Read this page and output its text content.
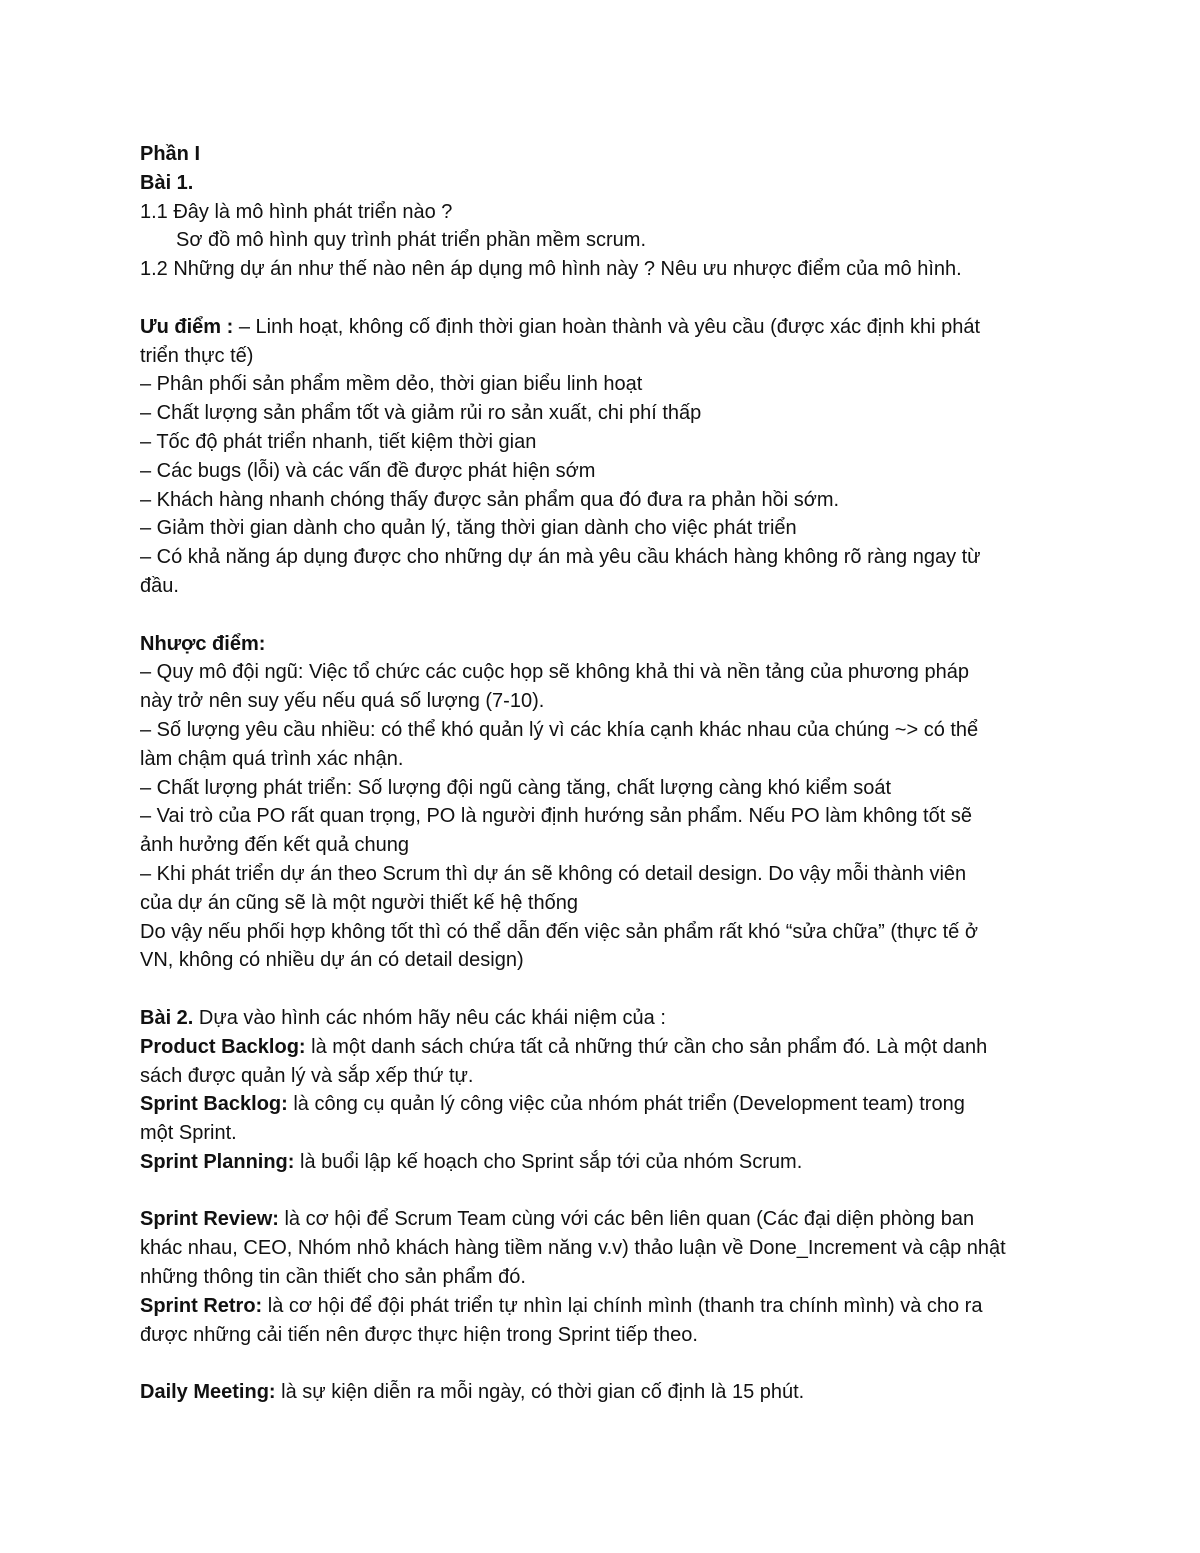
Phần I
Bài 1.
1.1 Đây là mô hình phát triển nào ?
Sơ đồ mô hình quy trình phát triển phần mềm scrum.
1.2 Những dự án như thế nào nên áp dụng mô hình này ? Nêu ưu nhược điểm của mô hình.
Ưu điểm : – Linh hoạt, không cố định thời gian hoàn thành và yêu cầu (được xác định khi phát
triển thực tế)
– Phân phối sản phẩm mềm dẻo, thời gian biểu linh hoạt
– Chất lượng sản phẩm tốt và giảm rủi ro sản xuất, chi phí thấp
– Tốc độ phát triển nhanh, tiết kiệm thời gian
– Các bugs (lỗi) và các vấn đề được phát hiện sớm
– Khách hàng nhanh chóng thấy được sản phẩm qua đó đưa ra phản hồi sớm.
– Giảm thời gian dành cho quản lý, tăng thời gian dành cho việc phát triển
– Có khả năng áp dụng được cho những dự án mà yêu cầu khách hàng không rõ ràng ngay từ
đầu.
Nhược điểm:
– Quy mô đội ngũ: Việc tổ chức các cuộc họp sẽ không khả thi và nền tảng của phương pháp
này trở nên suy yếu nếu quá số lượng (7-10).
– Số lượng yêu cầu nhiều: có thể khó quản lý vì các khía cạnh khác nhau của chúng ~> có thể
làm chậm quá trình xác nhận.
– Chất lượng phát triển: Số lượng đội ngũ càng tăng, chất lượng càng khó kiểm soát
– Vai trò của PO rất quan trọng, PO là người định hướng sản phẩm. Nếu PO làm không tốt sẽ
ảnh hưởng đến kết quả chung
– Khi phát triển dự án theo Scrum thì dự án sẽ không có detail design. Do vậy mỗi thành viên
của dự án cũng sẽ là một người thiết kế hệ thống
Do vậy nếu phối hợp không tốt thì có thể dẫn đến việc sản phẩm rất khó “sửa chữa” (thực tế ở
VN, không có nhiều dự án có detail design)
Bài 2. Dựa vào hình các nhóm hãy nêu các khái niệm của :
Product Backlog: là một danh sách chứa tất cả những thứ cần cho sản phẩm đó. Là một danh
sách được quản lý và sắp xếp thứ tự.
Sprint Backlog: là công cụ quản lý công việc của nhóm phát triển (Development team) trong
một Sprint.
Sprint Planning: là buổi lập kế hoạch cho Sprint sắp tới của nhóm Scrum.
Sprint Review: là cơ hội để Scrum Team cùng với các bên liên quan (Các đại diện phòng ban
khác nhau, CEO, Nhóm nhỏ khách hàng tiềm năng v.v) thảo luận về Done_Increment và cập nhật
những thông tin cần thiết cho sản phẩm đó.
Sprint Retro: là cơ hội để đội phát triển tự nhìn lại chính mình (thanh tra chính mình) và cho ra
được những cải tiến nên được thực hiện trong Sprint tiếp theo.
Daily Meeting: là sự kiện diễn ra mỗi ngày, có thời gian cố định là 15 phút.
